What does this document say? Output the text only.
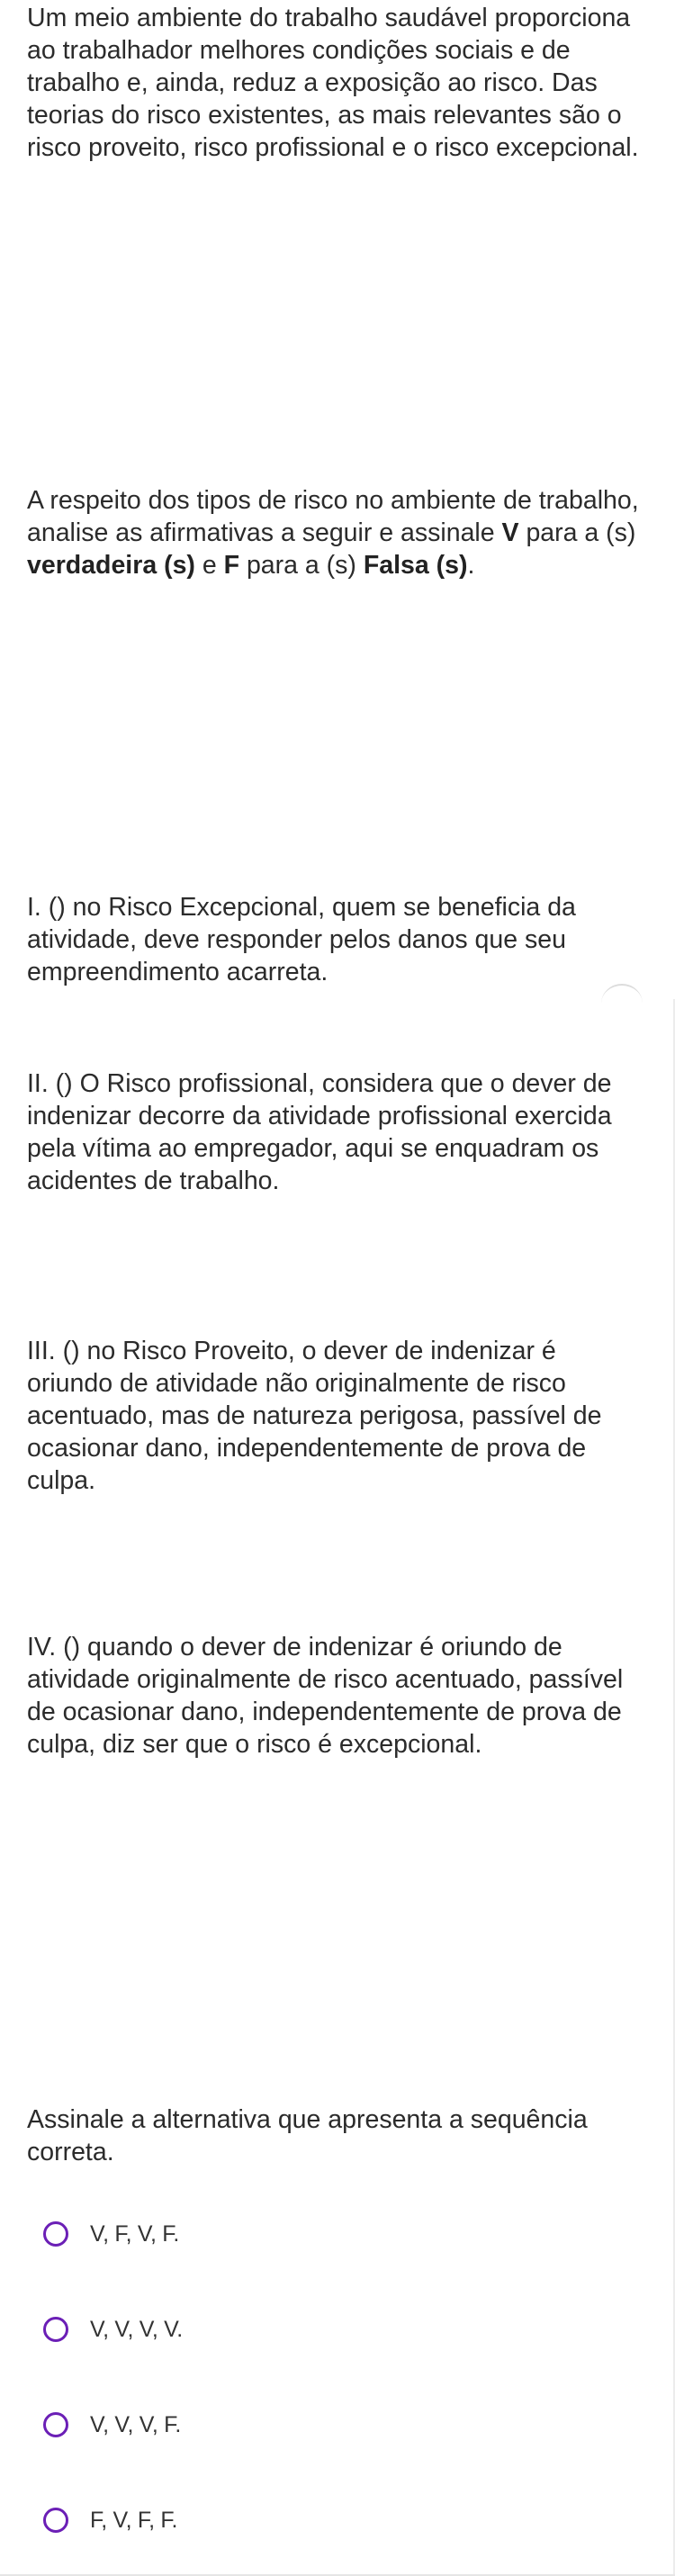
Um meio ambiente do trabalho saudável proporciona ao trabalhador melhores condições sociais e de trabalho e, ainda, reduz a exposição ao risco. Das teorias do risco existentes, as mais relevantes são o risco proveito, risco profissional e o risco excepcional.
A respeito dos tipos de risco no ambiente de trabalho, analise as afirmativas a seguir e assinale V para a (s) verdadeira (s) e F para a (s) Falsa (s).
I. () no Risco Excepcional, quem se beneficia da atividade, deve responder pelos danos que seu empreendimento acarreta.
II. () O Risco profissional, considera que o dever de indenizar decorre da atividade profissional exercida pela vítima ao empregador, aqui se enquadram os acidentes de trabalho.
III. () no Risco Proveito, o dever de indenizar é oriundo de atividade não originalmente de risco acentuado, mas de natureza perigosa, passível de ocasionar dano, independentemente de prova de culpa.
IV. () quando o dever de indenizar é oriundo de atividade originalmente de risco acentuado, passível de ocasionar dano, independentemente de prova de culpa, diz ser que o risco é excepcional.
Assinale a alternativa que apresenta a sequência correta.
V, F, V, F.
V, V, V, V.
V, V, V, F.
F, V, F, F.
